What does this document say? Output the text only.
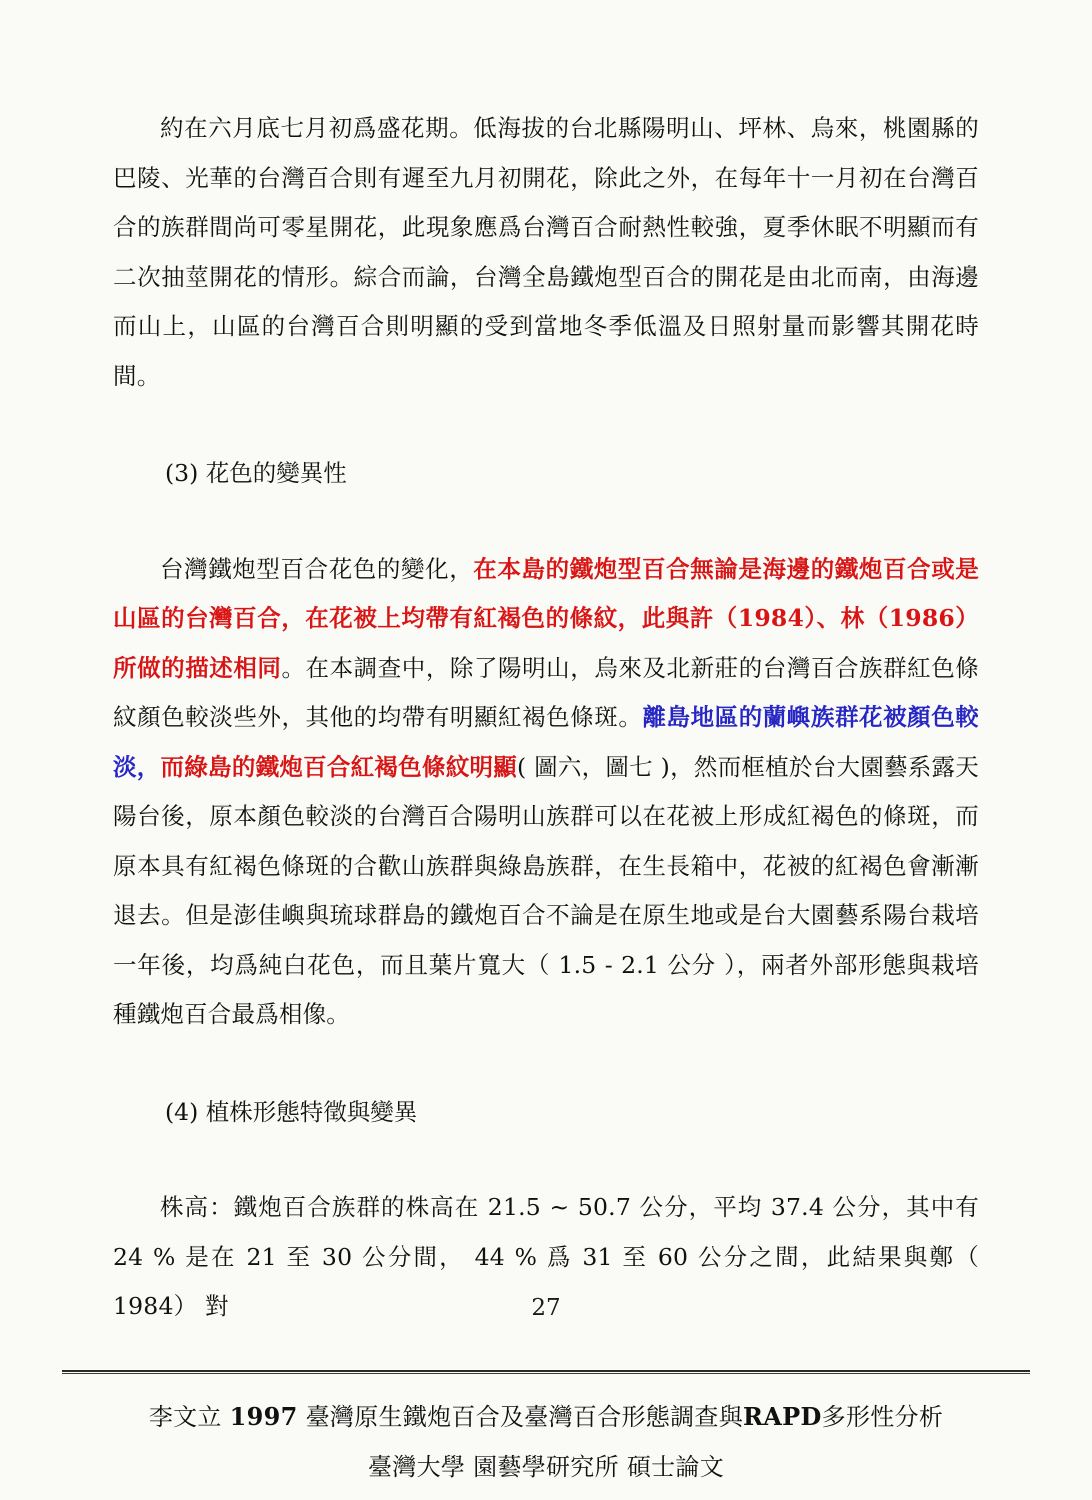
約在六月底七月初爲盛花期。低海拔的台北縣陽明山、坪林、烏來，桃園縣的巴陵、光華的台灣百合則有遲至九月初開花，除此之外，在每年十一月初在台灣百合的族群間尚可零星開花，此現象應爲台灣百合耐熱性較強，夏季休眠不明顯而有二次抽莖開花的情形。綜合而論，台灣全島鐵炮型百合的開花是由北而南，由海邊而山上，山區的台灣百合則明顯的受到當地冬季低溫及日照射量而影響其開花時間。

(3) 花色的變異性

台灣鐵炮型百合花色的變化，在本島的鐵炮型百合無論是海邊的鐵炮百合或是山區的台灣百合，在花被上均帶有紅褐色的條紋，此與許（1984）、林（1986）所做的描述相同。在本調查中，除了陽明山，烏來及北新莊的台灣百合族群紅色條紋顏色較淡些外，其他的均帶有明顯紅褐色條斑。離島地區的蘭嶼族群花被顏色較淡，而綠島的鐵炮百合紅褐色條紋明顯( 圖六，圖七 )，然而框植於台大園藝系露天陽台後，原本顏色較淡的台灣百合陽明山族群可以在花被上形成紅褐色的條斑，而原本具有紅褐色條斑的合歡山族群與綠島族群，在生長箱中，花被的紅褐色會漸漸退去。但是澎佳嶼與琉球群島的鐵炮百合不論是在原生地或是台大園藝系陽台栽培一年後，均爲純白花色，而且葉片寬大（ 1.5 - 2.1 公分 ），兩者外部形態與栽培種鐵炮百合最爲相像。

(4) 植株形態特徵與變異

株高：鐵炮百合族群的株高在 21.5 ~ 50.7 公分，平均 37.4 公分，其中有 24 % 是在 21 至 30 公分間， 44 % 爲 31 至 60 公分之間，此結果與鄭（ 1984） 對	27
李文立 1997 臺灣原生鐵炮百合及臺灣百合形態調查與RAPD多形性分析
臺灣大學 園藝學研究所 碩士論文
